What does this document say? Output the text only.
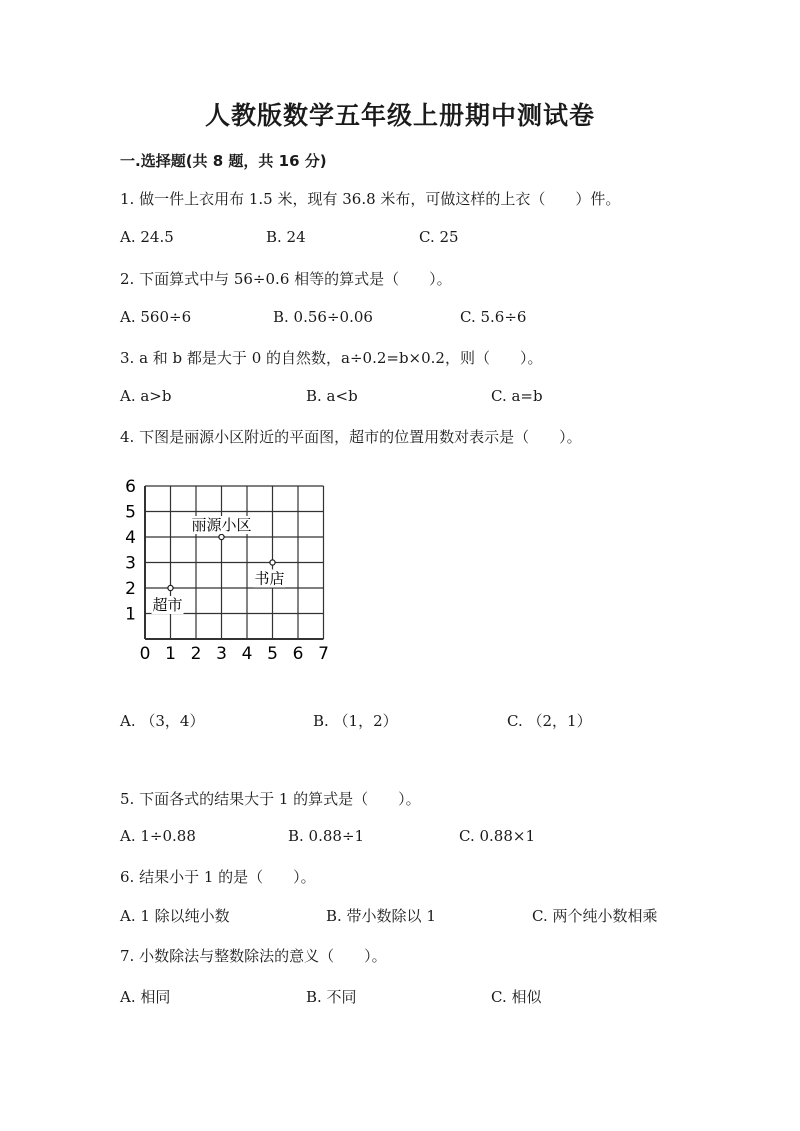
人教版数学五年级上册期中测试卷
一.选择题(共 8 题，共 16 分)
1. 做一件上衣用布 1.5 米，现有 36.8 米布，可做这样的上衣（　　）件。
A. 24.5	B. 24	C. 25
2. 下面算式中与 56÷0.6 相等的算式是（　　）。
A. 560÷6	B. 0.56÷0.06	C. 5.6÷6
3. a 和 b 都是大于 0 的自然数，a÷0.2=b×0.2，则（　　）。
A. a>b	B. a<b	C. a=b
4. 下图是丽源小区附近的平面图，超市的位置用数对表示是（　　）。
0 1 2 3 4 5 6 7
1
2
3
4
5
6
丽源小区
书店
超市
A. （3，4）	B. （1，2）	C. （2，1）
5. 下面各式的结果大于 1 的算式是（　　）。
A. 1÷0.88	B. 0.88÷1	C. 0.88×1
6. 结果小于 1 的是（　　）。
A. 1 除以纯小数	B. 带小数除以 1	C. 两个纯小数相乘
7. 小数除法与整数除法的意义（　　）。
A. 相同	B. 不同	C. 相似
